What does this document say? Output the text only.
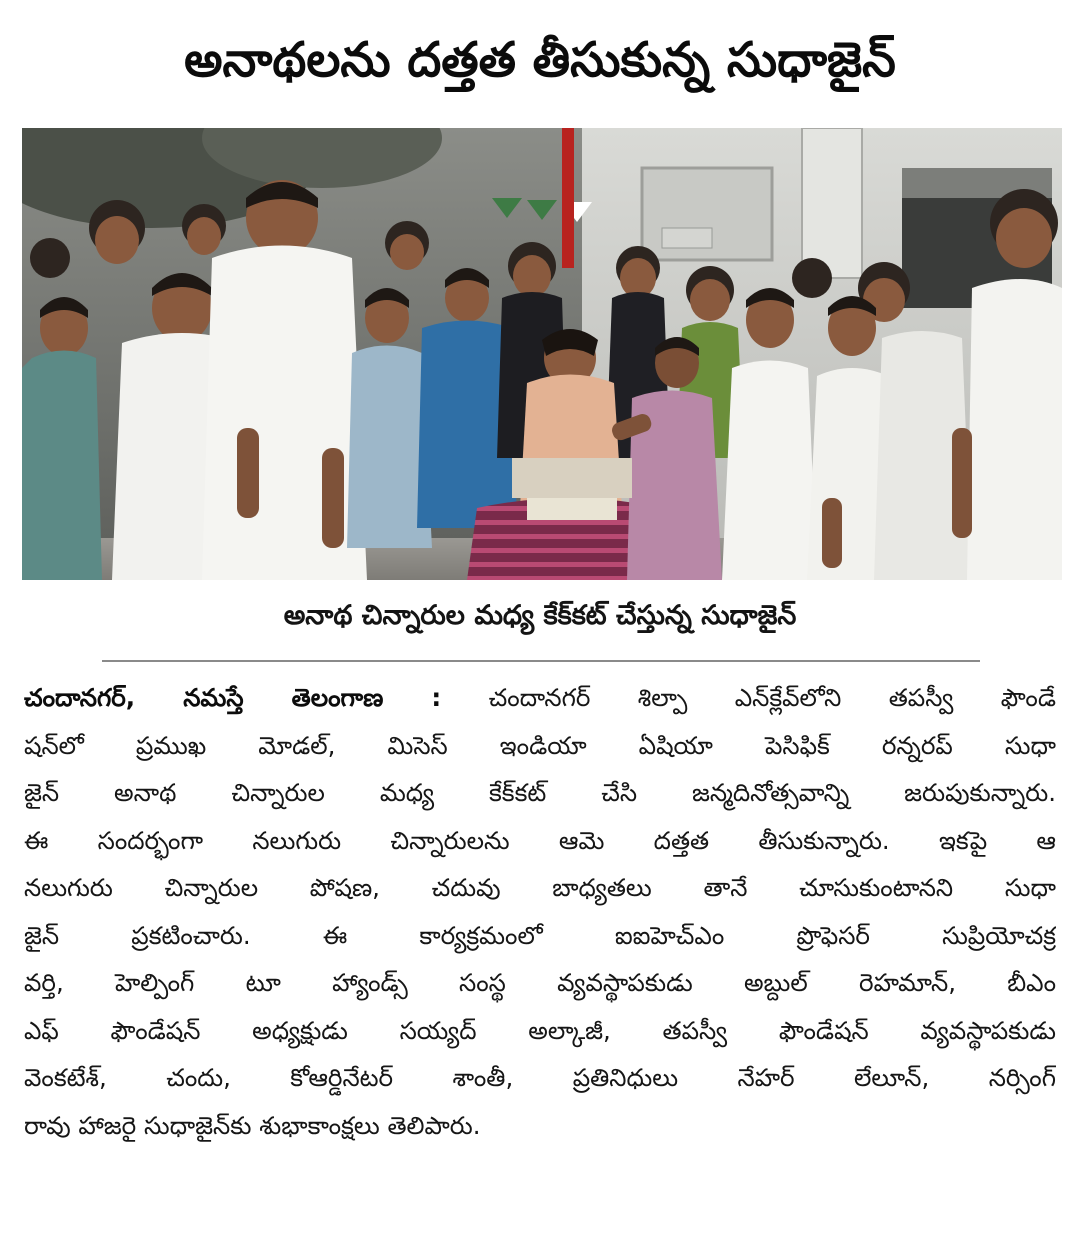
అనాథలను దత్తత తీసుకున్న సుధాజైన్
అనాథ చిన్నారుల మధ్య కేక్‌కట్ చేస్తున్న సుధాజైన్
చందానగర్, నమస్తే తెలంగాణ : చందానగర్ శిల్పా ఎన్‌క్లేవ్‌లోని తపస్వీ ఫౌండే
షన్‌లో ప్రముఖ మోడల్, మిసెస్ ఇండియా ఏషియా పెసిఫిక్ రన్నరప్ సుధా
జైన్ అనాథ చిన్నారుల మధ్య కేక్‌కట్ చేసి జన్మదినోత్సవాన్ని జరుపుకున్నారు.
ఈ సందర్భంగా నలుగురు చిన్నారులను ఆమె దత్తత తీసుకున్నారు. ఇకపై ఆ
నలుగురు చిన్నారుల పోషణ, చదువు బాధ్యతలు తానే చూసుకుంటానని సుధా
జైన్ ప్రకటించారు. ఈ కార్యక్రమంలో ఐఐహెచ్‌ఎం ప్రొఫెసర్ సుప్రియోచక్ర
వర్తి, హెల్పింగ్ టూ హ్యాండ్స్ సంస్థ వ్యవస్థాపకుడు అబ్దుల్ రెహమాన్, బీఎం
ఎఫ్ ఫౌండేషన్ అధ్యక్షుడు సయ్యద్ అల్కాజీ, తపస్వీ ఫౌండేషన్ వ్యవస్థాపకుడు
వెంకటేశ్, చందు, కోఆర్డినేటర్ శాంతీ, ప్రతినిధులు నేహర్ లేలూన్, నర్సింగ్
రావు హాజరై సుధాజైన్‌కు శుభాకాంక్షలు తెలిపారు.
